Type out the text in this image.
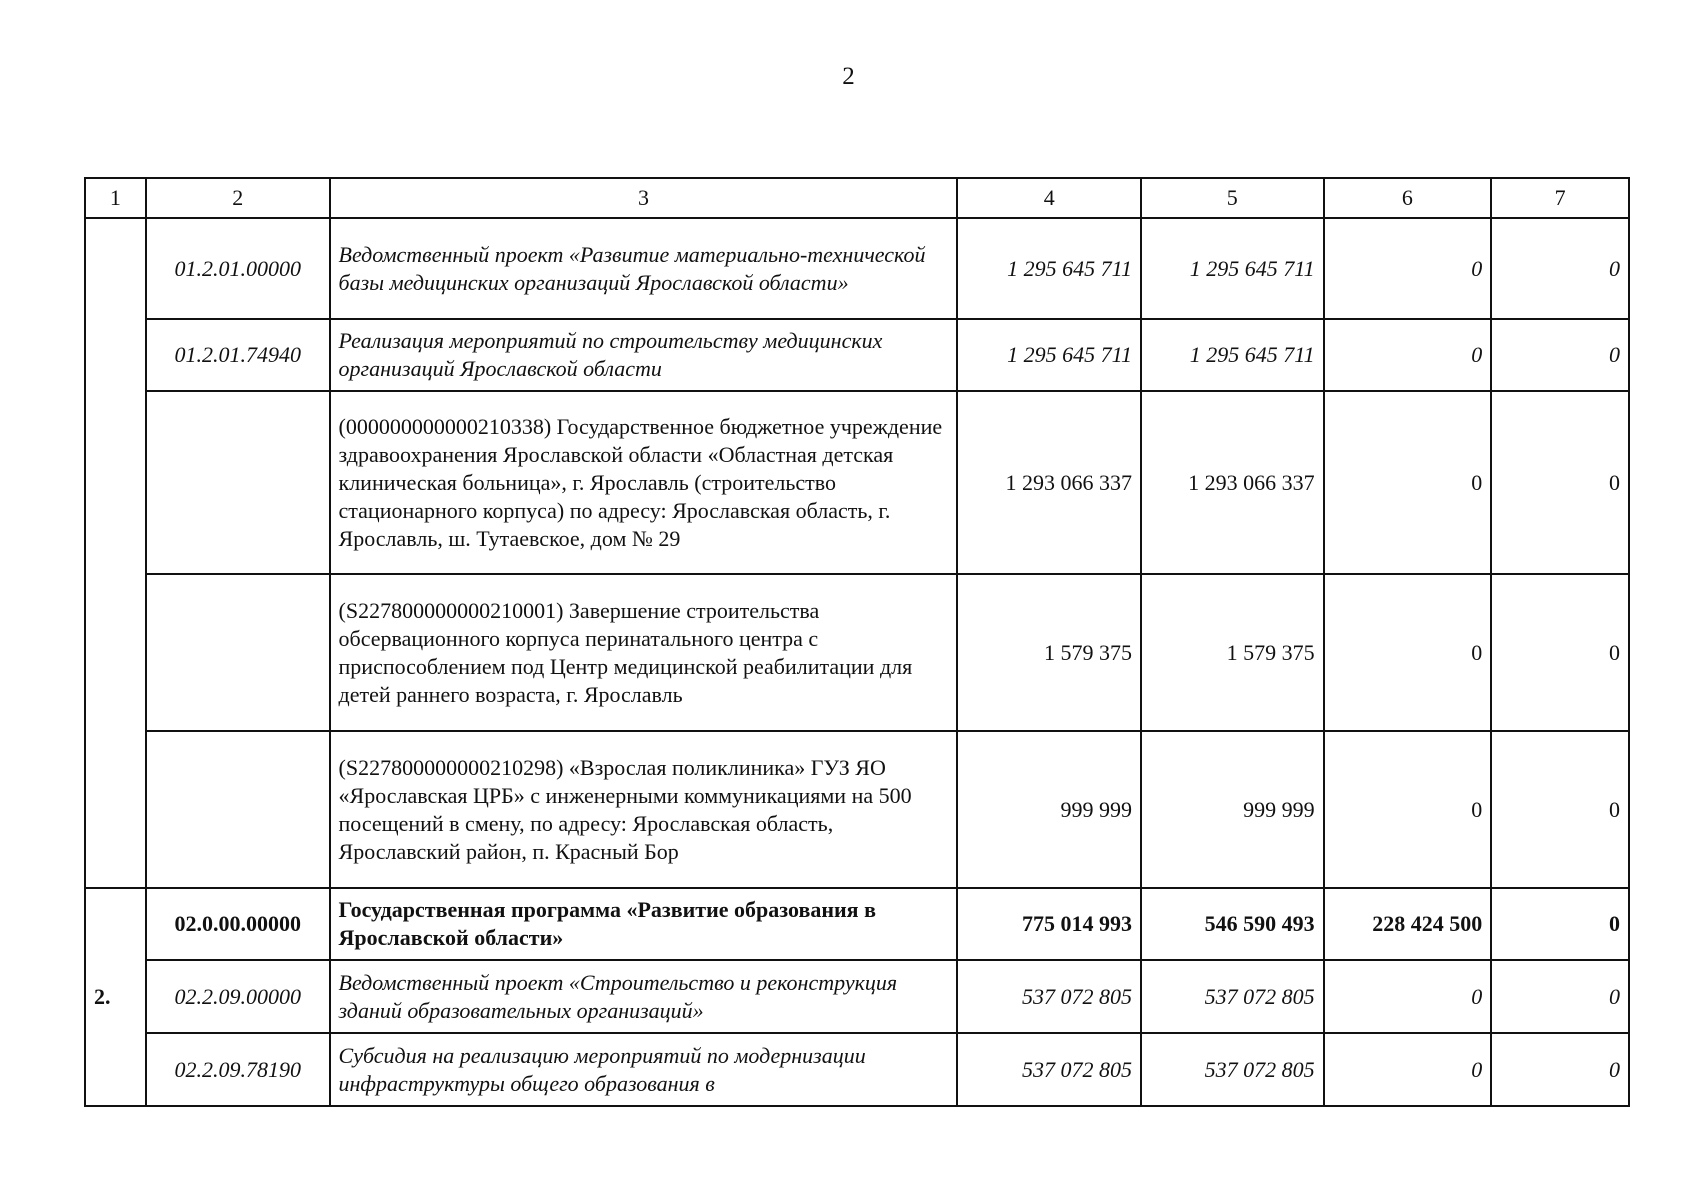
2
1	2	3	4	5	6	7
	01.2.01.00000	Ведомственный проект «Развитие материально-технической базы медицинских организаций Ярославской области»	1 295 645 711	1 295 645 711	0	0
	01.2.01.74940	Реализация мероприятий по строительству медицинских организаций Ярославской области	1 295 645 711	1 295 645 711	0	0
		(000000000000210338) Государственное бюджетное учреждение здравоохранения Ярославской области «Областная детская клиническая больница», г. Ярославль (строительство стационарного корпуса) по адресу: Ярославская область, г. Ярославль, ш. Тутаевское, дом № 29	1 293 066 337	1 293 066 337	0	0
		(S227800000000210001) Завершение строительства обсервационного корпуса перинатального центра с приспособлением под Центр медицинской реабилитации для детей раннего возраста, г. Ярославль	1 579 375	1 579 375	0	0
		(S227800000000210298) «Взрослая поликлиника» ГУЗ ЯО «Ярославская ЦРБ» с инженерными коммуникациями на 500 посещений в смену, по адресу: Ярославская область, Ярославский район, п. Красный Бор	999 999	999 999	0	0
2.	02.0.00.00000	Государственная программа «Развитие образования в Ярославской области»	775 014 993	546 590 493	228 424 500	0
	02.2.09.00000	Ведомственный проект «Строительство и реконструкция зданий образовательных организаций»	537 072 805	537 072 805	0	0
	02.2.09.78190	Субсидия на реализацию мероприятий по модернизации инфраструктуры общего образования в	537 072 805	537 072 805	0	0
